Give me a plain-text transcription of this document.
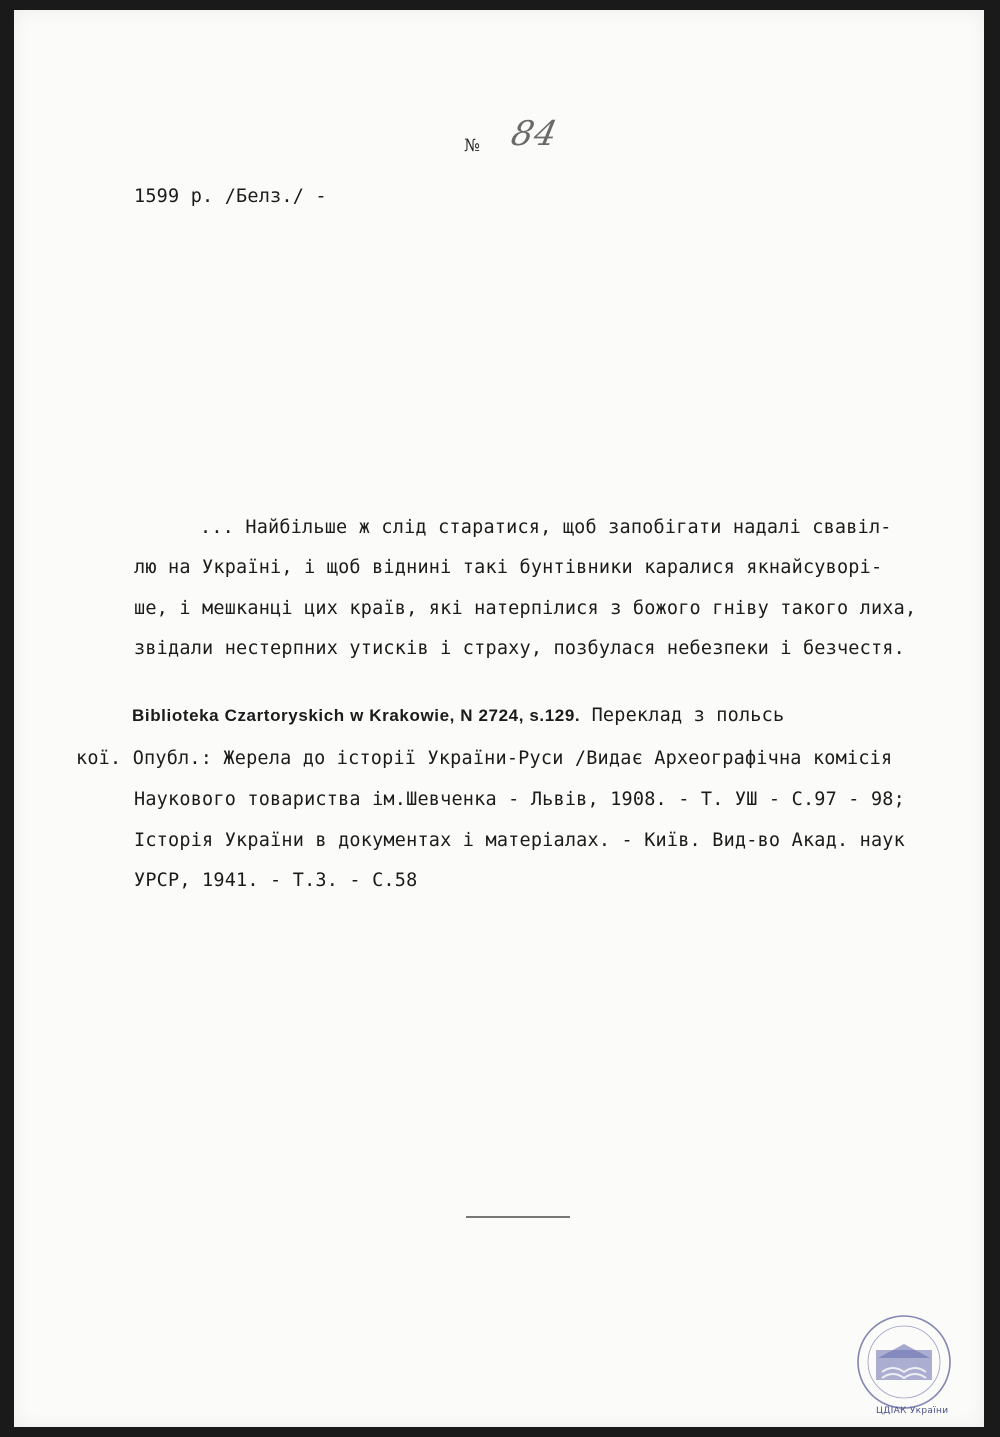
№ 84
1599 р. /Белз./ -
... Найбільше ж слід старатися, щоб запобігати надалі свавіл-
лю на Україні, і щоб віднині такі бунтівники каралися якнайсуворі-
ше, і мешканці цих країв, які натерпілися з божого гніву такого лиха,
звідали нестерпних утисків і страху, позбулася небезпеки і безчестя.
Biblioteka Czartoryskich w Krakowie, N 2724, s.129. Переклад з польсь
кої. Опубл.: Жерела до історії України-Руси /Видає Археографічна комісія
Наукового товариства ім.Шевченка - Львів, 1908. - Т. УШ - С.97 - 98;
Історія України в документах і матеріалах. - Київ. Вид-во Акад. наук
УРСР, 1941. - Т.3. - С.58
ЦДІАК України
